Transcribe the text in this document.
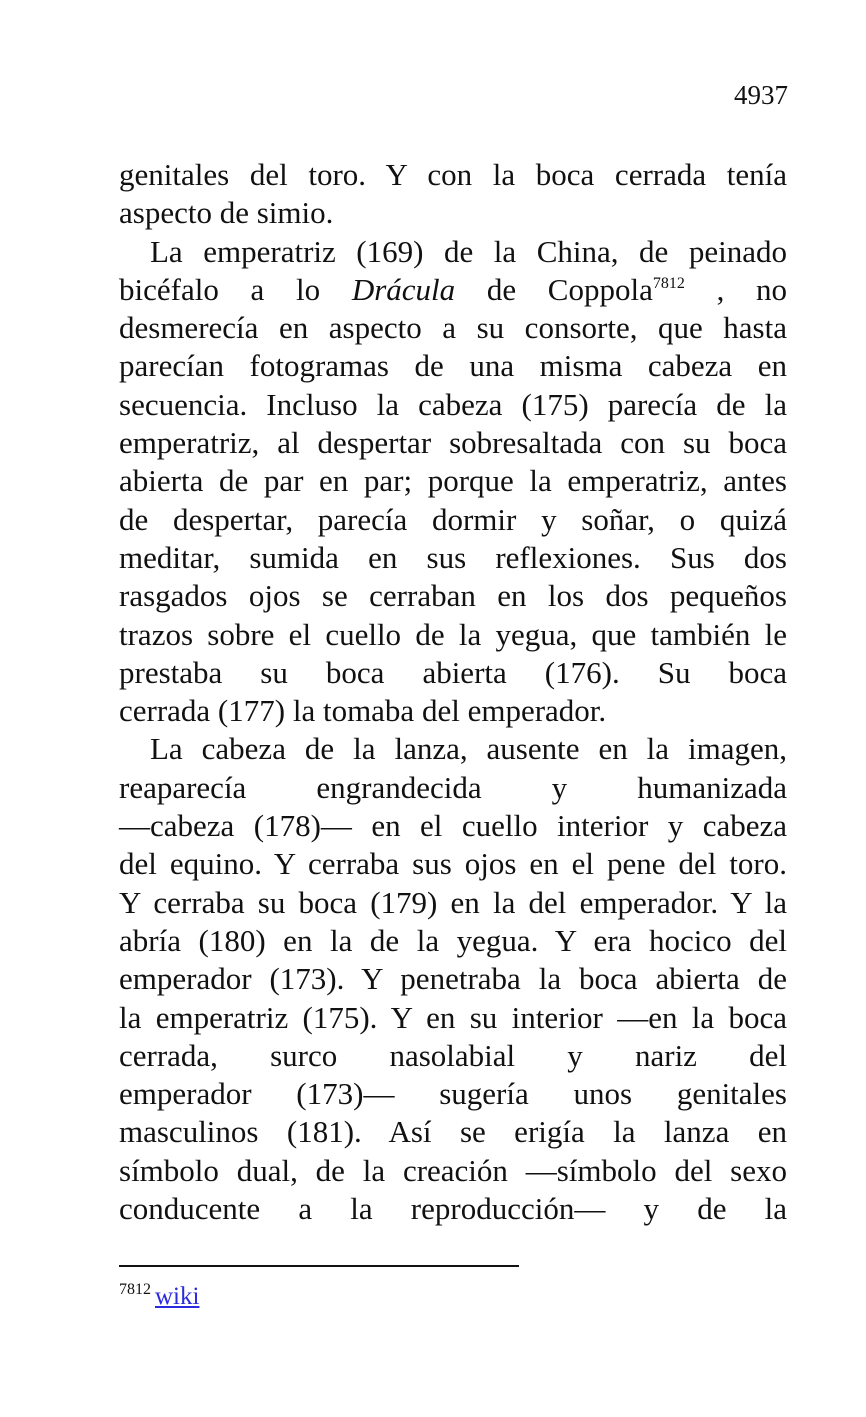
4937
genitales del toro. Y con la boca cerrada tenía
aspecto de simio.
La emperatriz (169) de la China, de peinado
bicéfalo a lo Drácula de Coppola$^{7812}$ , no
desmerecía en aspecto a su consorte, que hasta
parecían fotogramas de una misma cabeza en
secuencia. Incluso la cabeza (175) parecía de la
emperatriz, al despertar sobresaltada con su boca
abierta de par en par; porque la emperatriz, antes
de despertar, parecía dormir y soñar, o quizá
meditar, sumida en sus reflexiones. Sus dos
rasgados ojos se cerraban en los dos pequeños
trazos sobre el cuello de la yegua, que también le
prestaba su boca abierta (176). Su boca
cerrada (177) la tomaba del emperador.
La cabeza de la lanza, ausente en la imagen,
reaparecía engrandecida y humanizada
—cabeza (178)— en el cuello interior y cabeza
del equino. Y cerraba sus ojos en el pene del toro.
Y cerraba su boca (179) en la del emperador. Y la
abría (180) en la de la yegua. Y era hocico del
emperador (173). Y penetraba la boca abierta de
la emperatriz (175). Y en su interior —en la boca
cerrada, surco nasolabial y nariz del
emperador (173)— sugería unos genitales
masculinos (181). Así se erigía la lanza en
símbolo dual, de la creación —símbolo del sexo
conducente a la reproducción— y de la
$^{7812}$ wiki
